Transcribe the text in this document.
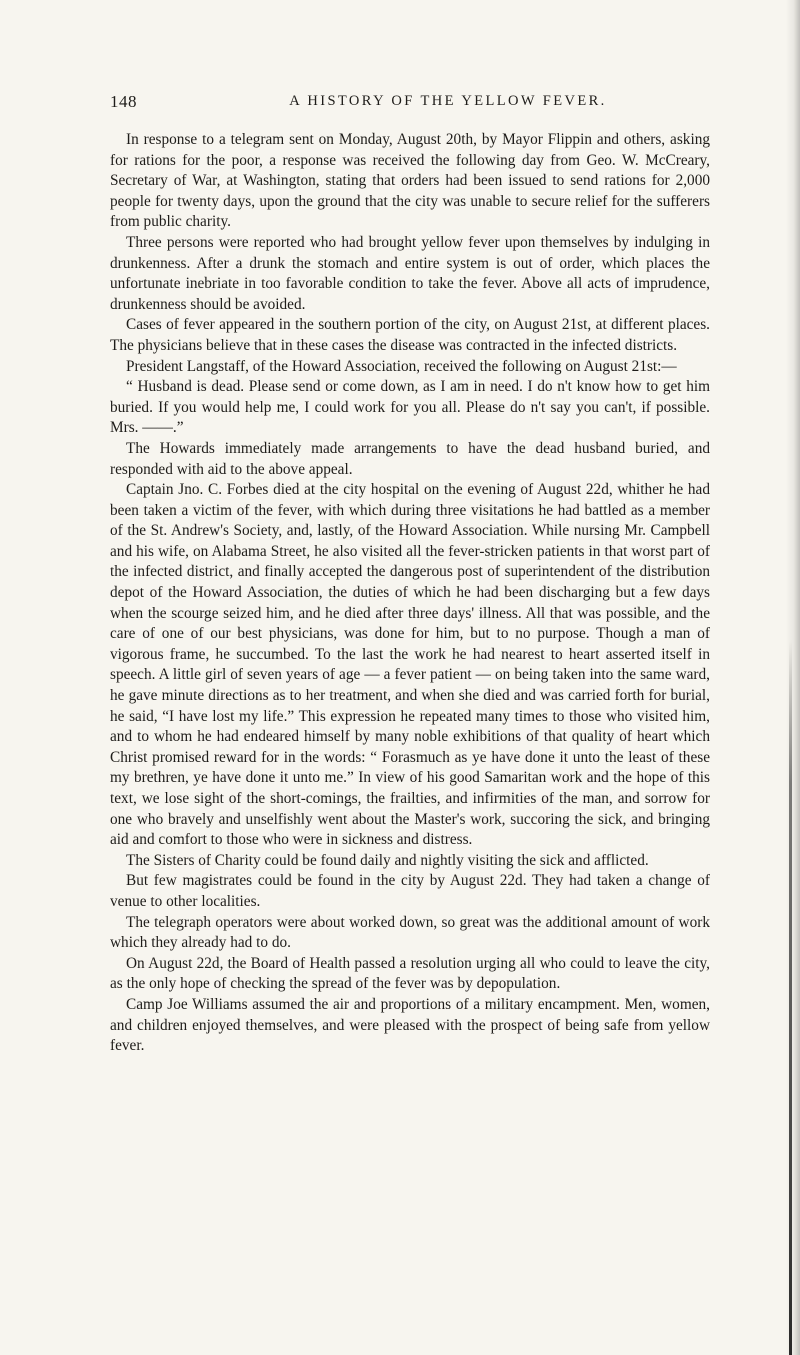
148	A HISTORY OF THE YELLOW FEVER.

In response to a telegram sent on Monday, August 20th, by Mayor Flippin and others, asking for rations for the poor, a response was received the following day from Geo. W. McCreary, Secretary of War, at Washington, stating that orders had been issued to send rations for 2,000 people for twenty days, upon the ground that the city was unable to secure relief for the sufferers from public charity.

Three persons were reported who had brought yellow fever upon themselves by indulging in drunkenness. After a drunk the stomach and entire system is out of order, which places the unfortunate inebriate in too favorable condition to take the fever. Above all acts of imprudence, drunkenness should be avoided.

Cases of fever appeared in the southern portion of the city, on August 21st, at different places. The physicians believe that in these cases the disease was contracted in the infected districts.

President Langstaff, of the Howard Association, received the following on August 21st:—

“ Husband is dead. Please send or come down, as I am in need. I do n't know how to get him buried. If you would help me, I could work for you all. Please do n't say you can't, if possible. Mrs. ——.”

The Howards immediately made arrangements to have the dead husband buried, and responded with aid to the above appeal.

Captain Jno. C. Forbes died at the city hospital on the evening of August 22d, whither he had been taken a victim of the fever, with which during three visitations he had battled as a member of the St. Andrew's Society, and, lastly, of the Howard Association. While nursing Mr. Campbell and his wife, on Alabama Street, he also visited all the fever-stricken patients in that worst part of the infected district, and finally accepted the dangerous post of superintendent of the distribution depot of the Howard Association, the duties of which he had been discharging but a few days when the scourge seized him, and he died after three days' illness. All that was possible, and the care of one of our best physicians, was done for him, but to no purpose. Though a man of vigorous frame, he succumbed. To the last the work he had nearest to heart asserted itself in speech. A little girl of seven years of age — a fever patient — on being taken into the same ward, he gave minute directions as to her treatment, and when she died and was carried forth for burial, he said, “I have lost my life.” This expression he repeated many times to those who visited him, and to whom he had endeared himself by many noble exhibitions of that quality of heart which Christ promised reward for in the words: “ Forasmuch as ye have done it unto the least of these my brethren, ye have done it unto me.” In view of his good Samaritan work and the hope of this text, we lose sight of the short-comings, the frailties, and infirmities of the man, and sorrow for one who bravely and unselfishly went about the Master's work, succoring the sick, and bringing aid and comfort to those who were in sickness and distress.

The Sisters of Charity could be found daily and nightly visiting the sick and afflicted.

But few magistrates could be found in the city by August 22d. They had taken a change of venue to other localities.

The telegraph operators were about worked down, so great was the additional amount of work which they already had to do.

On August 22d, the Board of Health passed a resolution urging all who could to leave the city, as the only hope of checking the spread of the fever was by depopulation.

Camp Joe Williams assumed the air and proportions of a military encampment. Men, women, and children enjoyed themselves, and were pleased with the prospect of being safe from yellow fever.
